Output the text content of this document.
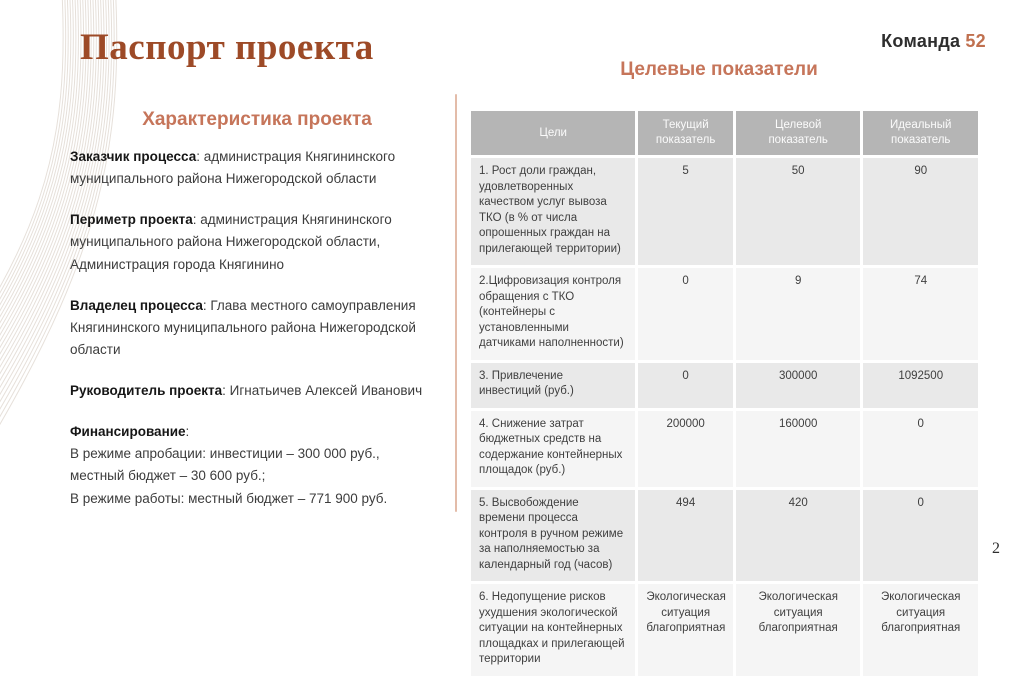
Паспорт проекта	Команда 52
Характеристика проекта

Заказчик процесса: администрация Княгининского муниципального района Нижегородской области

Периметр проекта: администрация Княгининского муниципального района Нижегородской области, Администрация города Княгинино

Владелец процесса: Глава местного самоуправления Княгининского муниципального района Нижегородской области

Руководитель проекта: Игнатьичев Алексей Иванович

Финансирование:
В режиме апробации: инвестиции – 300 000 руб.,
местный бюджет – 30 600 руб.;
В режиме работы: местный бюджет – 771 900 руб.

Целевые показатели
Цели	Текущий показатель	Целевой показатель	Идеальный показатель
1. Рост доли граждан, удовлетворенных качеством услуг вывоза ТКО (в % от числа опрошенных граждан на прилегающей территории)	5	50	90
2.Цифровизация контроля обращения с ТКО (контейнеры с установленными датчиками наполненности)	0	9	74
3. Привлечение инвестиций (руб.)	0	300000	1092500
4. Снижение затрат бюджетных средств на содержание контейнерных площадок (руб.)	200000	160000	0
5. Высвобождение времени процесса контроля в ручном режиме за наполняемостью за календарный год (часов)	494	420	0
6. Недопущение рисков ухудшения экологической ситуации на контейнерных площадках и прилегающей территории	Экологическая ситуация благоприятная	Экологическая ситуация благоприятная	Экологическая ситуация благоприятная
2
